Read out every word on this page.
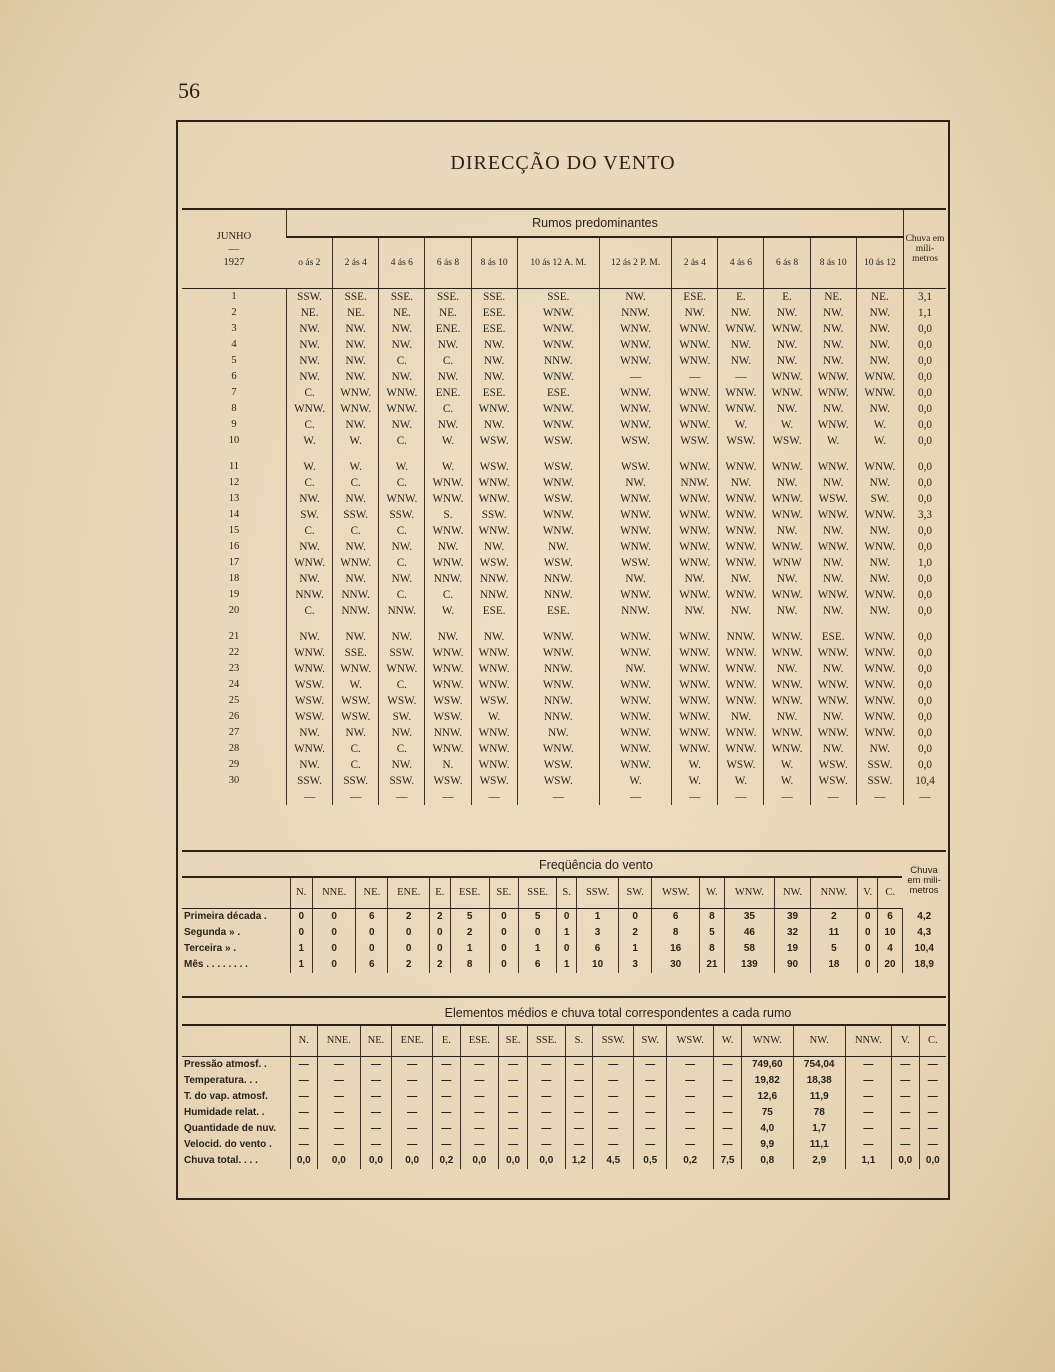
56
DIRECÇÃO DO VENTO
JUNHO
—
1927	Rumos predominantes												Chuva em mili-metros
	o ás 2	2 ás 4	4 ás 6	6 ás 8	8 ás 10	10 ás 12 A. M.	12 ás 2 P. M.	2 ás 4	4 ás 6	6 ás 8	8 ás 10	10 ás 12	
1	SSW.	SSE.	SSE.	SSE.	SSE.	SSE.	NW.	ESE.	E.	E.	NE.	NE.	3,1
2	NE.	NE.	NE.	NE.	ESE.	WNW.	NNW.	NW.	NW.	NW.	NW.	NW.	1,1
3	NW.	NW.	NW.	ENE.	ESE.	WNW.	WNW.	WNW.	WNW.	WNW.	NW.	NW.	0,0
4	NW.	NW.	NW.	NW.	NW.	WNW.	WNW.	WNW.	NW.	NW.	NW.	NW.	0,0
5	NW.	NW.	C.	C.	NW.	NNW.	WNW.	WNW.	NW.	NW.	NW.	NW.	0,0
6	NW.	NW.	NW.	NW.	NW.	WNW.	—	—	—	WNW.	WNW.	WNW.	0,0
7	C.	WNW.	WNW.	ENE.	ESE.	ESE.	WNW.	WNW.	WNW.	WNW.	WNW.	WNW.	0,0
8	WNW.	WNW.	WNW.	C.	WNW.	WNW.	WNW.	WNW.	WNW.	NW.	NW.	NW.	0,0
9	C.	NW.	NW.	NW.	NW.	WNW.	WNW.	WNW.	W.	W.	WNW.	W.	0,0
10	W.	W.	C.	W.	WSW.	WSW.	WSW.	WSW.	WSW.	WSW.	W.	W.	0,0

11	W.	W.	W.	W.	WSW.	WSW.	WSW.	WNW.	WNW.	WNW.	WNW.	WNW.	0,0
12	C.	C.	C.	WNW.	WNW.	WNW.	NW.	NNW.	NW.	NW.	NW.	NW.	0,0
13	NW.	NW.	WNW.	WNW.	WNW.	WSW.	WNW.	WNW.	WNW.	WNW.	WSW.	SW.	0,0
14	SW.	SSW.	SSW.	S.	SSW.	WNW.	WNW.	WNW.	WNW.	WNW.	WNW.	WNW.	3,3
15	C.	C.	C.	WNW.	WNW.	WNW.	WNW.	WNW.	WNW.	NW.	NW.	NW.	0,0
16	NW.	NW.	NW.	NW.	NW.	NW.	WNW.	WNW.	WNW.	WNW.	WNW.	WNW.	0,0
17	WNW.	WNW.	C.	WNW.	WSW.	WSW.	WSW.	WNW.	WNW.	WNW	NW.	NW.	1,0
18	NW.	NW.	NW.	NNW.	NNW.	NNW.	NW.	NW.	NW.	NW.	NW.	NW.	0,0
19	NNW.	NNW.	C.	C.	NNW.	NNW.	WNW.	WNW.	WNW.	WNW.	WNW.	WNW.	0,0
20	C.	NNW.	NNW.	W.	ESE.	ESE.	NNW.	NW.	NW.	NW.	NW.	NW.	0,0

21	NW.	NW.	NW.	NW.	NW.	WNW.	WNW.	WNW.	NNW.	WNW.	ESE.	WNW.	0,0
22	WNW.	SSE.	SSW.	WNW.	WNW.	WNW.	WNW.	WNW.	WNW.	WNW.	WNW.	WNW.	0,0
23	WNW.	WNW.	WNW.	WNW.	WNW.	NNW.	NW.	WNW.	WNW.	NW.	NW.	WNW.	0,0
24	WSW.	W.	C.	WNW.	WNW.	WNW.	WNW.	WNW.	WNW.	WNW.	WNW.	WNW.	0,0
25	WSW.	WSW.	WSW.	WSW.	WSW.	NNW.	WNW.	WNW.	WNW.	WNW.	WNW.	WNW.	0,0
26	WSW.	WSW.	SW.	WSW.	W.	NNW.	WNW.	WNW.	NW.	NW.	NW.	WNW.	0,0
27	NW.	NW.	NW.	NNW.	WNW.	NW.	WNW.	WNW.	WNW.	WNW.	WNW.	WNW.	0,0
28	WNW.	C.	C.	WNW.	WNW.	WNW.	WNW.	WNW.	WNW.	WNW.	NW.	NW.	0,0
29	NW.	C.	NW.	N.	WNW.	WSW.	WNW.	W.	WSW.	W.	WSW.	SSW.	0,0
30	SSW.	SSW.	SSW.	WSW.	WSW.	WSW.	W.	W.	W.	W.	WSW.	SSW.	10,4
	—	—	—	—	—	—	—	—	—	—	—	—	—
	Freqüência do vento																		Chuva em mili-metros
	N.	NNE.	NE.	ENE.	E.	ESE.	SE.	SSE.	S.	SSW.	SW.	WSW.	W.	WNW.	NW.	NNW.	V.	C.	
Primeira década .	0	0	6	2	2	5	0	5	0	1	0	6	8	35	39	2	0	6	4,2
Segunda » .	0	0	0	0	0	2	0	0	1	3	2	8	5	46	32	11	0	10	4,3
Terceira » .	1	0	0	0	0	1	0	1	0	6	1	16	8	58	19	5	0	4	10,4
Mês . . . . . . . .	1	0	6	2	2	8	0	6	1	10	3	30	21	139	90	18	0	20	18,9
	Elementos médios e chuva total correspondentes a cada rumo																	
	N.	NNE.	NE.	ENE.	E.	ESE.	SE.	SSE.	S.	SSW.	SW.	WSW.	W.	WNW.	NW.	NNW.	V.	C.
Pressão atmosf. .	—	—	—	—	—	—	—	—	—	—	—	—	—	749,60	754,04	—	—	—
Temperatura. . .	—	—	—	—	—	—	—	—	—	—	—	—	—	19,82	18,38	—	—	—
T. do vap. atmosf.	—	—	—	—	—	—	—	—	—	—	—	—	—	12,6	11,9	—	—	—
Humidade relat. .	—	—	—	—	—	—	—	—	—	—	—	—	—	75	78	—	—	—
Quantidade de nuv.	—	—	—	—	—	—	—	—	—	—	—	—	—	4,0	1,7	—	—	—
Velocid. do vento .	—	—	—	—	—	—	—	—	—	—	—	—	—	9,9	11,1	—	—	—
Chuva total. . . .	0,0	0,0	0,0	0,0	0,2	0,0	0,0	0,0	1,2	4,5	0,5	0,2	7,5	0,8	2,9	1,1	0,0	0,0
